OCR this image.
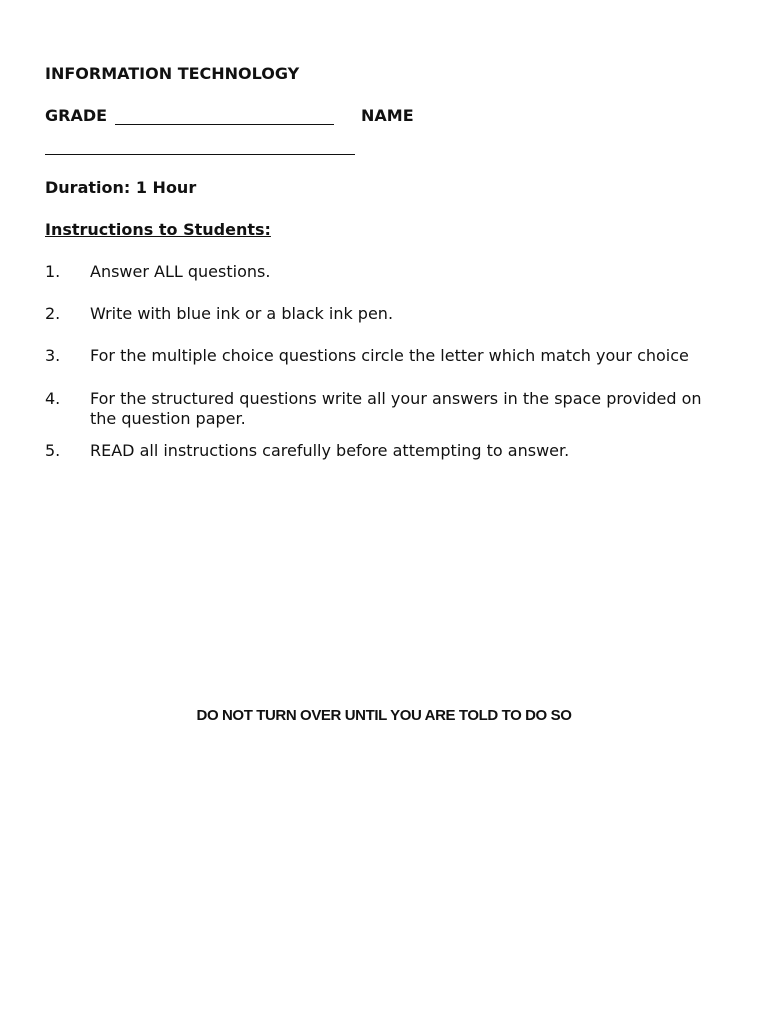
INFORMATION TECHNOLOGY
GRADE	NAME
Duration: 1 Hour
Instructions to Students:
1.	Answer ALL questions.
2.	Write with blue ink or a black ink pen.
3.	For the multiple choice questions circle the letter which match your choice
4.	For the structured questions write all your answers in the space provided on the question paper.
5.	READ all instructions carefully before attempting to answer.
DO NOT TURN OVER UNTIL YOU ARE TOLD TO DO SO
